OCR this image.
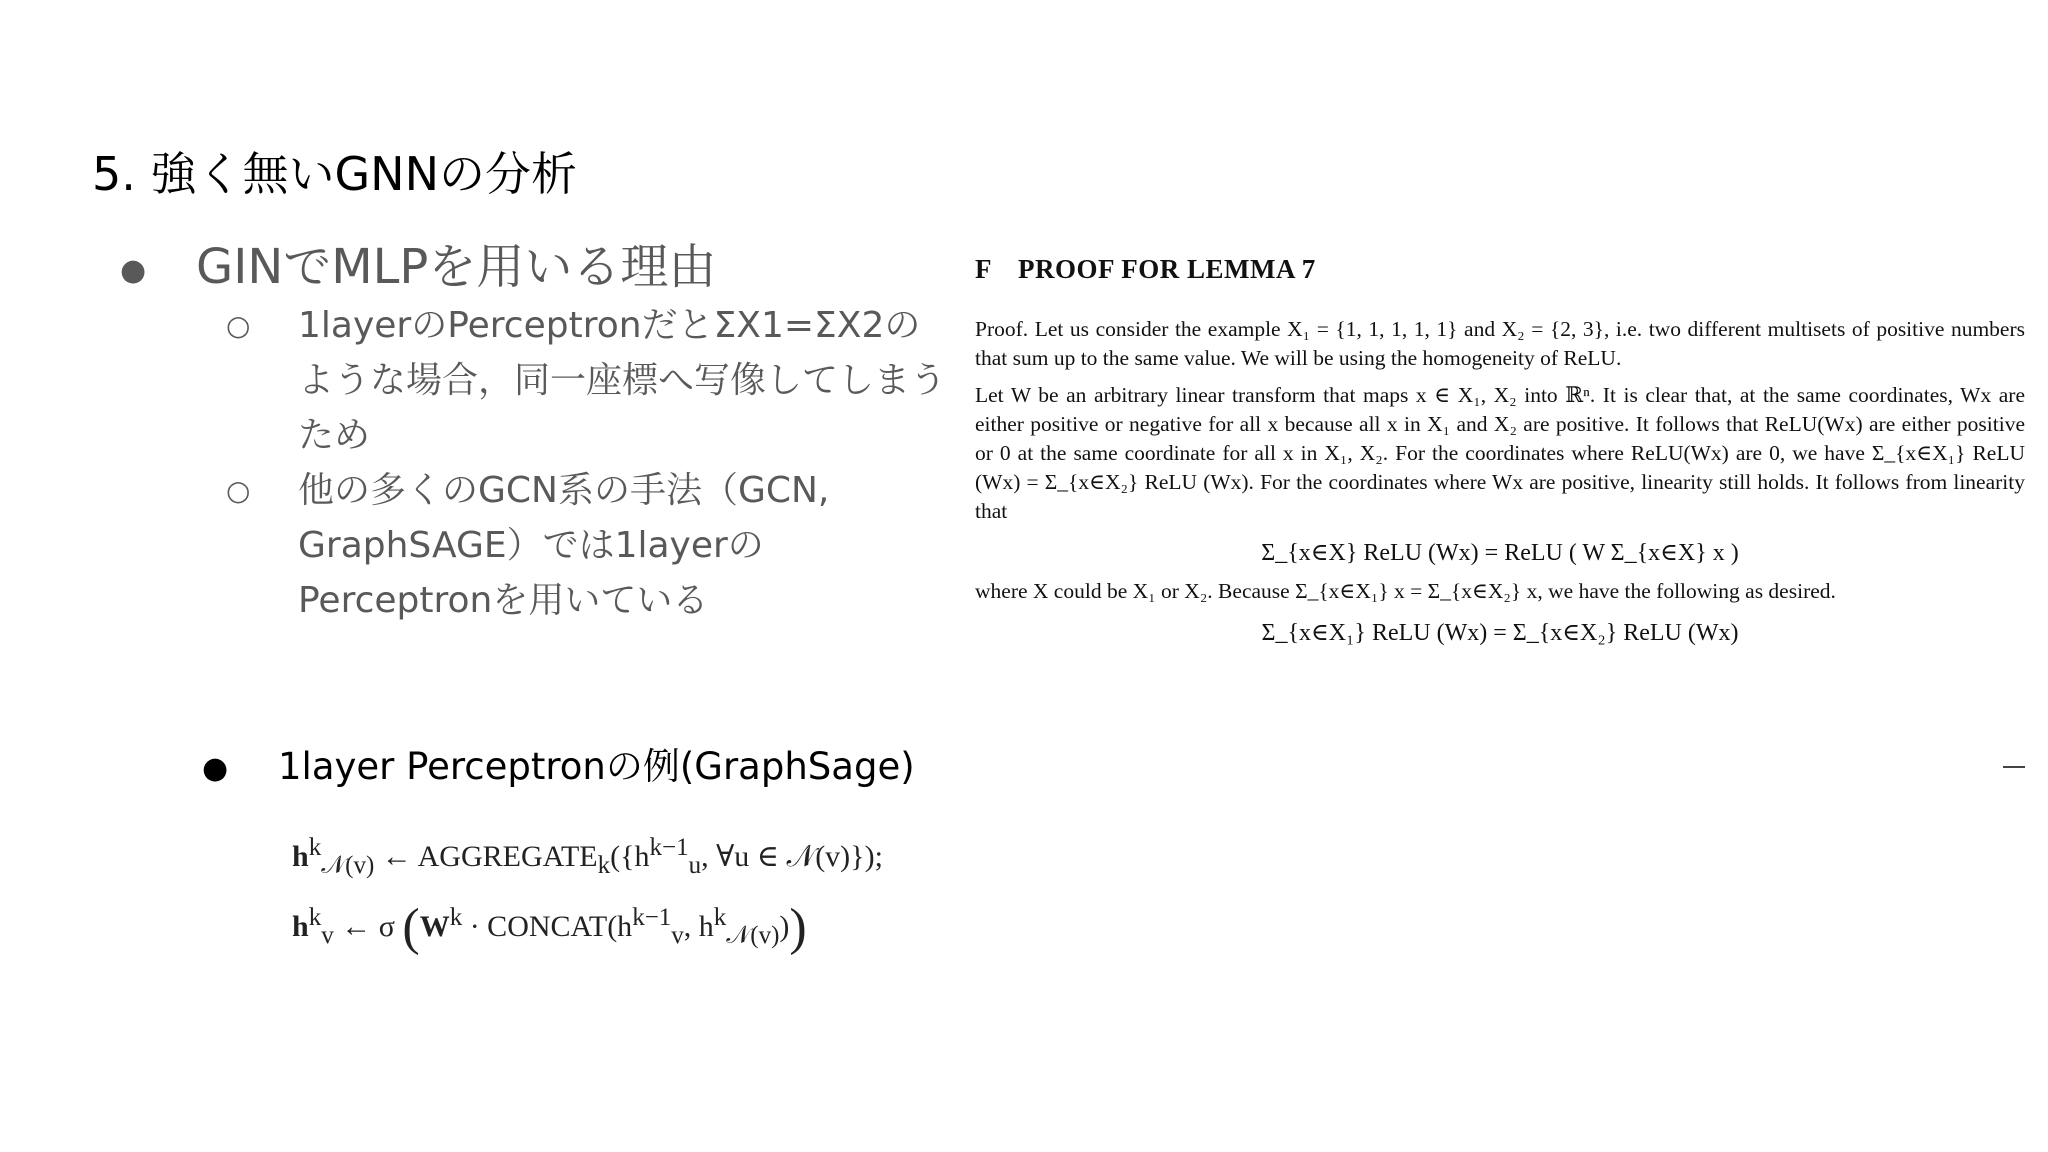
5. 強く無いGNNの分析
● GINでMLPを用いる理由
○ 1layerのPerceptronだとΣX1=ΣX2のような場合，同一座標へ写像してしまうため
○ 他の多くのGCN系の手法（GCN, GraphSAGE）では1layerのPerceptronを用いている
● 1layer Perceptronの例(GraphSage)
$h^k_{𝒩(v)}$ ← $AGGREGATE_k(\{h^{k-1}_u$, ∀u ∈ 𝒩(v)});
$h^k_v$ ← σ ($W^k$ · $CONCAT(h^{k-1}_v$, $h^k_{𝒩(v)}$))
F PROOF FOR LEMMA 7
Proof. Let us consider the example X₁ = {1, 1, 1, 1, 1} and X₂ = {2, 3}, i.e. two different multisets of positive numbers that sum up to the same value. We will be using the homogeneity of ReLU.
Let W be an arbitrary linear transform that maps x ∈ X₁, X₂ into ℝⁿ. It is clear that, at the same coordinates, Wx are either positive or negative for all x because all x in X₁ and X₂ are positive. It follows that ReLU(Wx) are either positive or 0 at the same coordinate for all x in X₁, X₂. For the coordinates where ReLU(Wx) are 0, we have Σ_{x∈X₁} ReLU (Wx) = Σ_{x∈X₂} ReLU (Wx). For the coordinates where Wx are positive, linearity still holds. It follows from linearity that
Σ_{x∈X} ReLU (Wx) = ReLU ( W Σ_{x∈X} x )
where X could be X₁ or X₂. Because Σ_{x∈X₁} x = Σ_{x∈X₂} x, we have the following as desired.
Σ_{x∈X₁} ReLU (Wx) = Σ_{x∈X₂} ReLU (Wx)
